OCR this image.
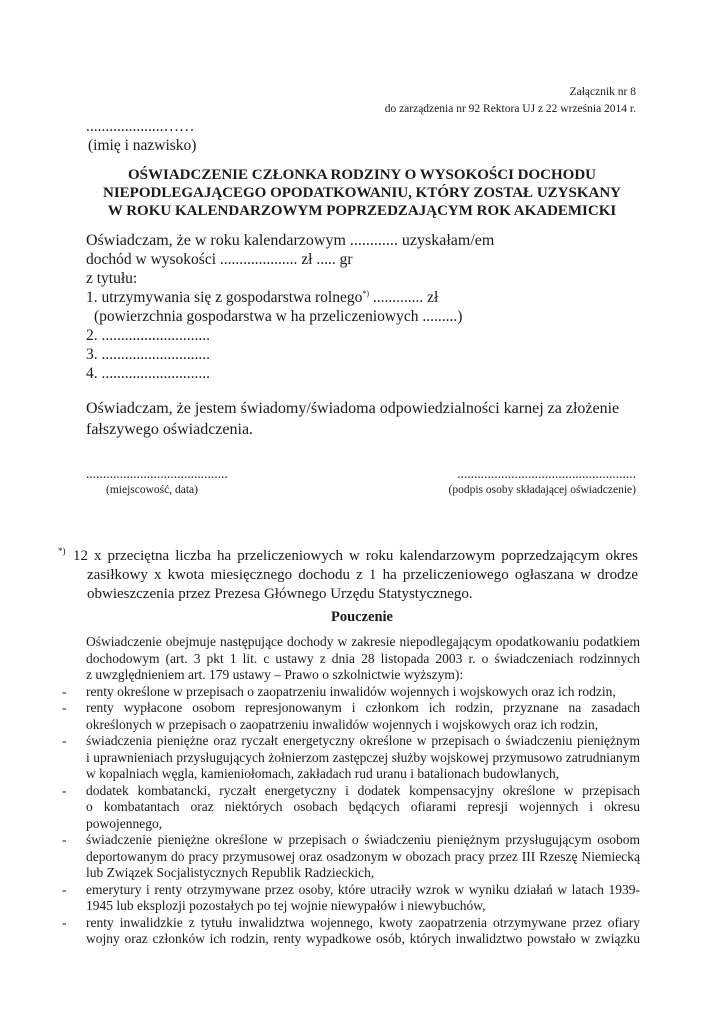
Załącznik nr 8
do zarządzenia nr 92 Rektora UJ z 22 września 2014 r.
....................……
(imię i nazwisko)
OŚWIADCZENIE CZŁONKA RODZINY O WYSOKOŚCI DOCHODU
NIEPODLEGAJĄCEGO OPODATKOWANIU, KTÓRY ZOSTAŁ UZYSKANY
W ROKU KALENDARZOWYM POPRZEDZAJĄCYM ROK AKADEMICKI
Oświadczam, że w roku kalendarzowym ............ uzyskałam/em
dochód w wysokości .................... zł ..... gr
z tytułu:
1. utrzymywania się z gospodarstwa rolnego*) ............. zł
(powierzchnia gospodarstwa w ha przeliczeniowych .........)
2. ............................
3. ............................
4. ............................
Oświadczam, że jestem świadomy/świadoma odpowiedzialności karnej za złożenie
fałszywego oświadczenia.
..........................................
(miejscowość, data)
.....................................................
(podpis osoby składającej oświadczenie)
*) 12 x przeciętna liczba ha przeliczeniowych w roku kalendarzowym poprzedzającym okres
zasiłkowy x kwota miesięcznego dochodu z 1 ha przeliczeniowego ogłaszana w drodze
obwieszczenia przez Prezesa Głównego Urzędu Statystycznego.
Pouczenie
Oświadczenie obejmuje następujące dochody w zakresie niepodlegającym opodatkowaniu podatkiem
dochodowym (art. 3 pkt 1 lit. c ustawy z dnia 28 listopada 2003 r. o świadczeniach rodzinnych
z uwzględnieniem art. 179 ustawy – Prawo o szkolnictwie wyższym):
- renty określone w przepisach o zaopatrzeniu inwalidów wojennych i wojskowych oraz ich rodzin,
- renty wypłacone osobom represjonowanym i członkom ich rodzin, przyznane na zasadach
określonych w przepisach o zaopatrzeniu inwalidów wojennych i wojskowych oraz ich rodzin,
- świadczenia pieniężne oraz ryczałt energetyczny określone w przepisach o świadczeniu pieniężnym
i uprawnieniach przysługujących żołnierzom zastępczej służby wojskowej przymusowo zatrudnianym
w kopalniach węgla, kamieniołomach, zakładach rud uranu i batalionach budowlanych,
- dodatek kombatancki, ryczałt energetyczny i dodatek kompensacyjny określone w przepisach
o kombatantach oraz niektórych osobach będących ofiarami represji wojennych i okresu
powojennego,
- świadczenie pieniężne określone w przepisach o świadczeniu pieniężnym przysługującym osobom
deportowanym do pracy przymusowej oraz osadzonym w obozach pracy przez III Rzeszę Niemiecką
lub Związek Socjalistycznych Republik Radzieckich,
- emerytury i renty otrzymywane przez osoby, które utraciły wzrok w wyniku działań w latach 1939-
1945 lub eksplozji pozostałych po tej wojnie niewypałów i niewybuchów,
- renty inwalidzkie z tytułu inwalidztwa wojennego, kwoty zaopatrzenia otrzymywane przez ofiary
wojny oraz członków ich rodzin, renty wypadkowe osób, których inwalidztwo powstało w związku
